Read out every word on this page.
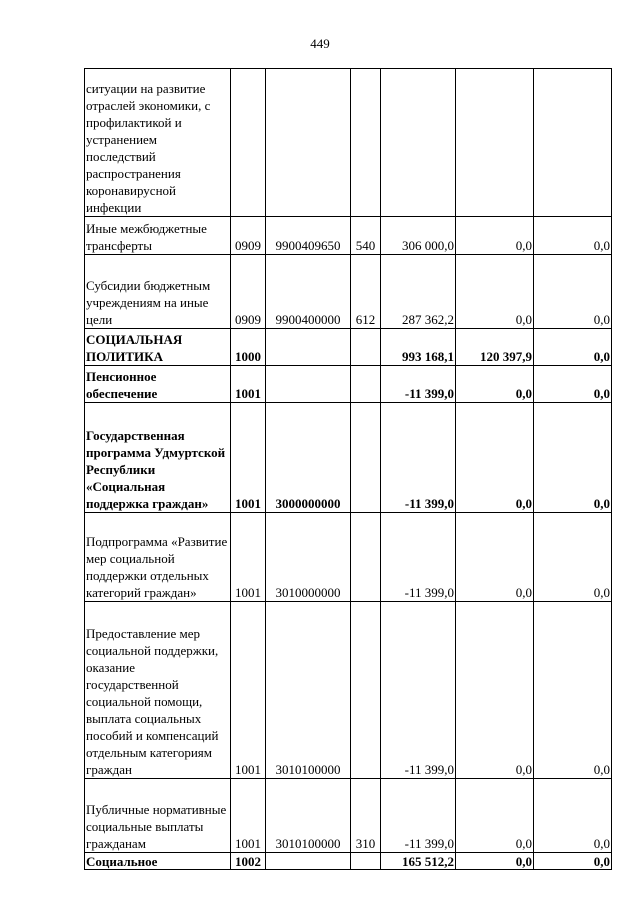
449
ситуации на развитие отраслей экономики, с профилактикой и устранением последствий распространения коронавирусной инфекции						
Иные межбюджетные трансферты	0909	9900409650	540	306 000,0	0,0	0,0
Субсидии бюджетным учреждениям на иные цели	0909	9900400000	612	287 362,2	0,0	0,0
СОЦИАЛЬНАЯ ПОЛИТИКА	1000			993 168,1	120 397,9	0,0
Пенсионное обеспечение	1001			-11 399,0	0,0	0,0
Государственная программа Удмуртской Республики «Социальная поддержка граждан»	1001	3000000000		-11 399,0	0,0	0,0
Подпрограмма «Развитие мер социальной поддержки отдельных категорий граждан»	1001	3010000000		-11 399,0	0,0	0,0
Предоставление мер социальной поддержки, оказание государственной социальной помощи, выплата социальных пособий и компенсаций отдельным категориям граждан	1001	3010100000		-11 399,0	0,0	0,0
Публичные нормативные социальные выплаты гражданам	1001	3010100000	310	-11 399,0	0,0	0,0
Социальное	1002			165 512,2	0,0	0,0
